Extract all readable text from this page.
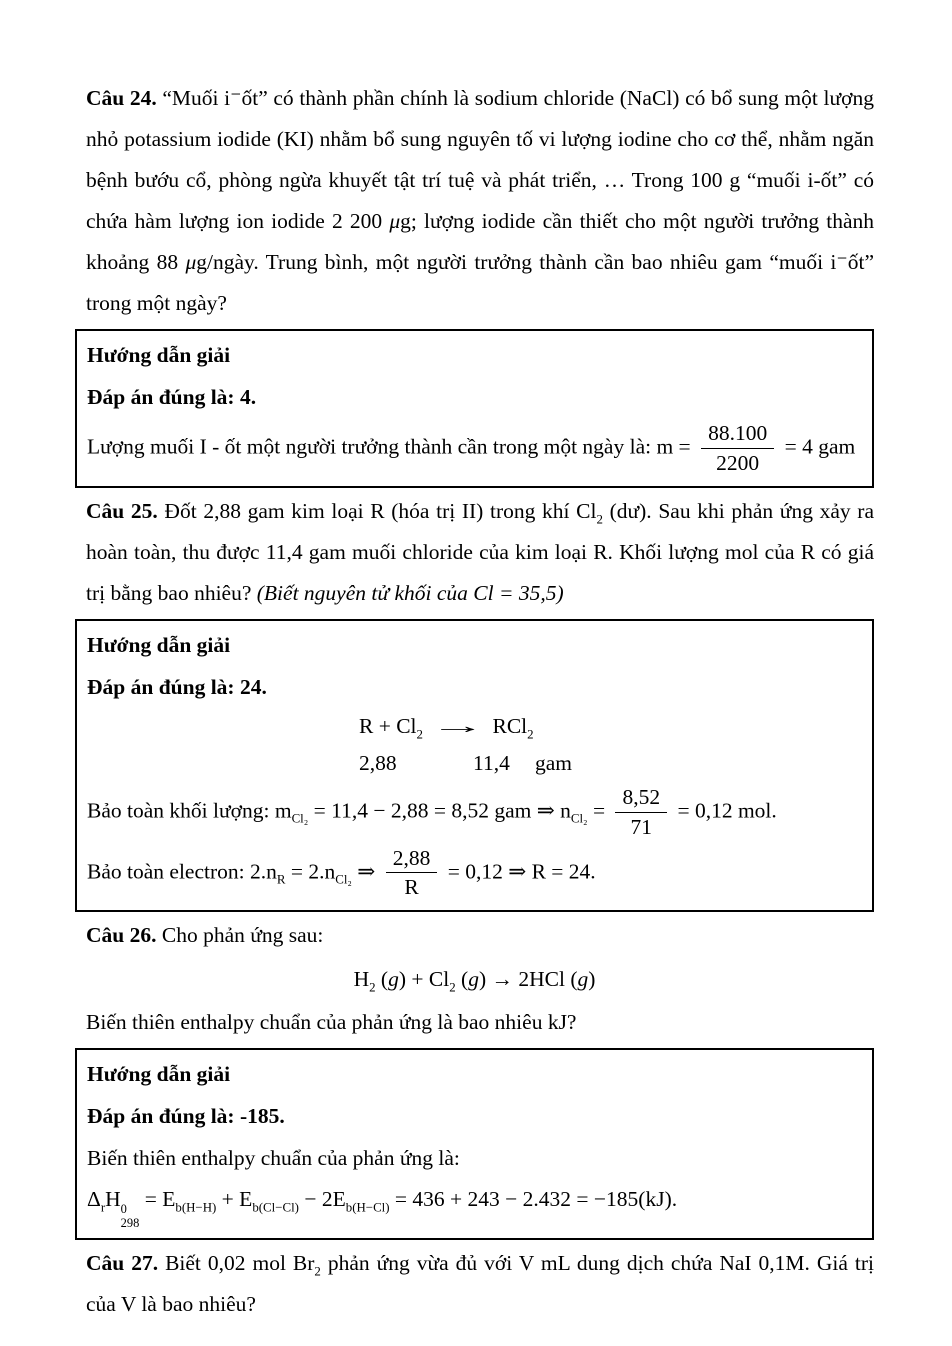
Câu 24. “Muối i⁻ốt” có thành phần chính là sodium chloride (NaCl) có bổ sung một lượng nhỏ potassium iodide (KI) nhằm bổ sung nguyên tố vi lượng iodine cho cơ thể, nhằm ngăn bệnh bướu cổ, phòng ngừa khuyết tật trí tuệ và phát triển, … Trong 100 g “muối i-ốt” có chứa hàm lượng ion iodide 2 200 μg; lượng iodide cần thiết cho một người trưởng thành khoảng 88 μg/ngày. Trung bình, một người trưởng thành cần bao nhiêu gam “muối i⁻ốt” trong một ngày?

Hướng dẫn giải

Đáp án đúng là: 4.

Lượng muối I - ốt một người trưởng thành cần trong một ngày là: $m = \frac{88.100}{2200} = 4$ gam

Câu 25. Đốt 2,88 gam kim loại R (hóa trị II) trong khí $Cl_2$ (dư). Sau khi phản ứng xảy ra hoàn toàn, thu được 11,4 gam muối chloride của kim loại R. Khối lượng mol của R có giá trị bằng bao nhiêu? (Biết nguyên tử khối của Cl = 35,5)

Hướng dẫn giải

Đáp án đúng là: 24.

$R + Cl_2 \to RCl_2$

2,88	11,4 gam

Bảo toàn khối lượng: $m_{Cl_2} = 11,4 - 2,88 = 8,52$ gam ⇒ $n_{Cl_2} = \frac{8,52}{71} = 0,12$ mol.

Bảo toàn electron: $2.n_R = 2.n_{Cl_2}$ ⇒ $\frac{2,88}{R} = 0,12$ ⇒ R = 24.

Câu 26. Cho phản ứng sau:

$H_2$ $(g) + Cl_2$ (g) → 2HCl (g)

Biến thiên enthalpy chuẩn của phản ứng là bao nhiêu kJ?

Hướng dẫn giải

Đáp án đúng là: -185.

Biến thiên enthalpy chuẩn của phản ứng là:

$\Delta_rH$ 0
298
= $E_{b(H-H)} + E_{b(Cl-Cl)} - 2E_{b(H-Cl)} = 436 + 243 - 2.432 = -185(kJ)$.

Câu 27. Biết 0,02 mol $Br_2$ phản ứng vừa đủ với V mL dung dịch chứa NaI 0,1M. Giá trị của V là bao nhiêu?
